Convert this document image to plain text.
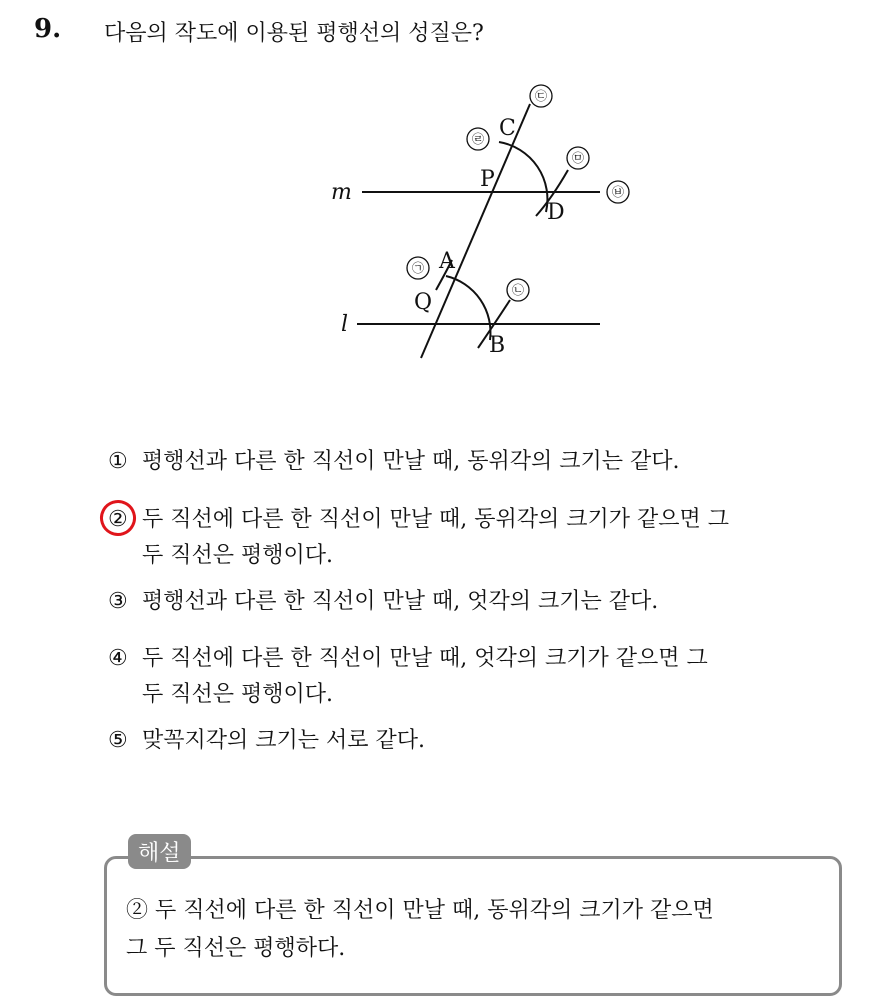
9. 다음의 작도에 이용된 평행선의 성질은?
m
l
C
P
D
A
Q
B
㉠
㉡
㉢
㉣
㉤
㉥
① 평행선과 다른 한 직선이 만날 때, 동위각의 크기는 같다.
② 두 직선에 다른 한 직선이 만날 때, 동위각의 크기가 같으면 그
두 직선은 평행이다.
③ 평행선과 다른 한 직선이 만날 때, 엇각의 크기는 같다.
④ 두 직선에 다른 한 직선이 만날 때, 엇각의 크기가 같으면 그
두 직선은 평행이다.
⑤ 맞꼭지각의 크기는 서로 같다.
해설
② 두 직선에 다른 한 직선이 만날 때, 동위각의 크기가 같으면
그 두 직선은 평행하다.
